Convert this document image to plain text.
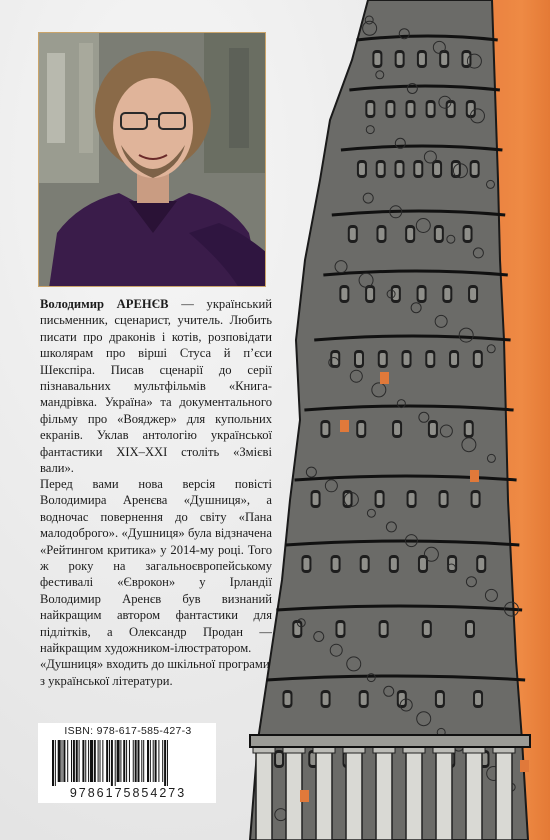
Володимир АРЕНЄВ — український письменник, сценарист, учитель. Любить писати про драконів і котів, розповідати школярам про вірші Стуса й п’єси Шекспіра. Писав сценарії до серії пізнавальних мультфільмів «Книга-мандрівка. Україна» та документального фільму про «Вояджер» для купольних екранів. Уклав антологію української фантастики XIX–XXI століть «Змієві вали».

Перед вами нова версія повісті Володимира Аренєва «Душниця», а водночас повернення до світу «Пана малодоброго». «Душниця» була відзначена «Рейтингом критика» у 2014-му році. Того ж року на загальноєвропейському фестивалі «Єврокон» у Ірландії Володимир Аренєв був визнаний найкращим автором фантастики для підлітків, а Олександр Продан — найкращим художником-ілюстратором.

«Душниця» входить до шкільної програми з української літератури.

ISBN: 978-617-585-427-3
9786175854273
